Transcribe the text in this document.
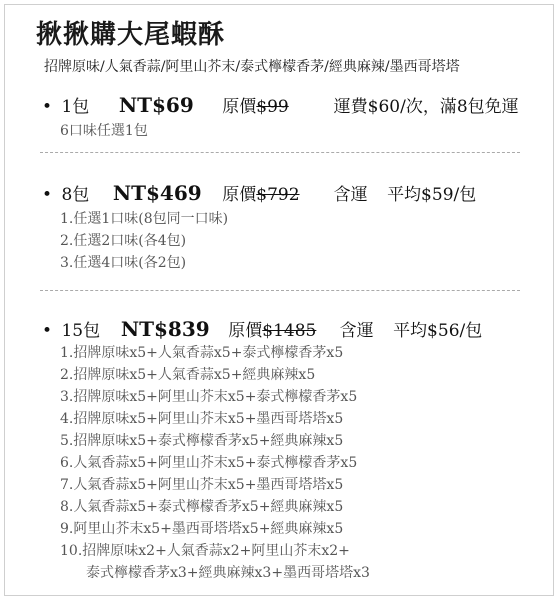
揪揪購大尾蝦酥
招牌原味/人氣香蒜/阿里山芥末/泰式檸檬香茅/經典麻辣/墨西哥塔塔
• 1包 NT$69 原價$99	運費$60/次，滿8包免運
6口味任選1包
• 8包 NT$469 原價$792 含運 平均$59/包
1.任選1口味(8包同一口味)
2.任選2口味(各4包)
3.任選4口味(各2包)
• 15包 NT$839 原價$1485 含運 平均$56/包
1.招牌原味x5+人氣香蒜x5+泰式檸檬香茅x5
2.招牌原味x5+人氣香蒜x5+經典麻辣x5
3.招牌原味x5+阿里山芥末x5+泰式檸檬香茅x5
4.招牌原味x5+阿里山芥末x5+墨西哥塔塔x5
5.招牌原味x5+泰式檸檬香茅x5+經典麻辣x5
6.人氣香蒜x5+阿里山芥末x5+泰式檸檬香茅x5
7.人氣香蒜x5+阿里山芥末x5+墨西哥塔塔x5
8.人氣香蒜x5+泰式檸檬香茅x5+經典麻辣x5
9.阿里山芥末x5+墨西哥塔塔x5+經典麻辣x5
10.招牌原味x2+人氣香蒜x2+阿里山芥末x2+
泰式檸檬香茅x3+經典麻辣x3+墨西哥塔塔x3
